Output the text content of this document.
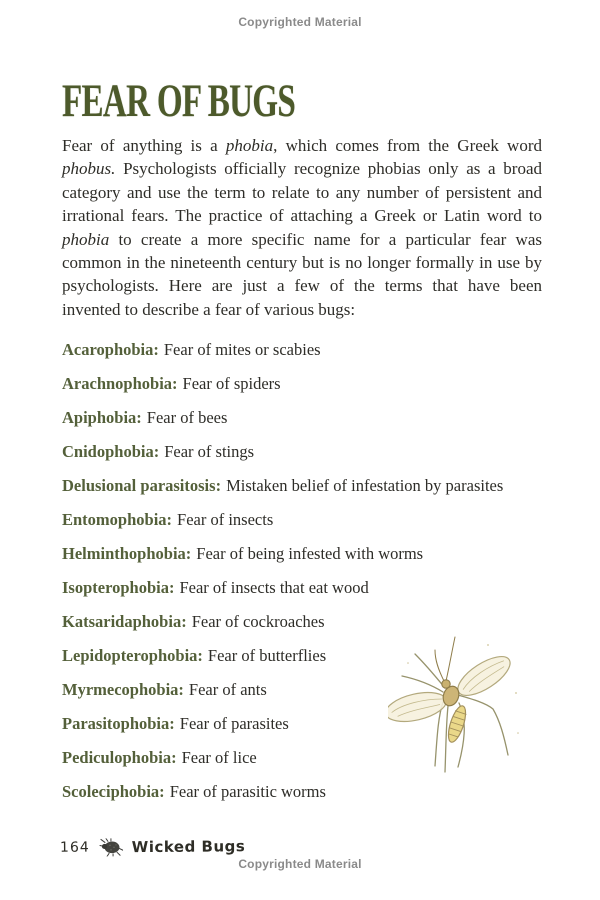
Copyrighted Material
FEAR OF BUGS

Fear of anything is a phobia, which comes from the Greek word phobus. Psychologists officially recognize phobias only as a broad category and use the term to relate to any number of persistent and irrational fears. The practice of attaching a Greek or Latin word to phobia to create a more specific name for a particular fear was common in the nineteenth century but is no longer formally in use by psychologists. Here are just a few of the terms that have been invented to describe a fear of various bugs:

Acarophobia: Fear of mites or scabies
Arachnophobia: Fear of spiders
Apiphobia: Fear of bees
Cnidophobia: Fear of stings
Delusional parasitosis: Mistaken belief of infestation by parasites
Entomophobia: Fear of insects
Helminthophobia: Fear of being infested with worms
Isopterophobia: Fear of insects that eat wood
Katsaridaphobia: Fear of cockroaches
Lepidopterophobia: Fear of butterflies
Myrmecophobia: Fear of ants
Parasitophobia: Fear of parasites
Pediculophobia: Fear of lice
Scoleciphobia: Fear of parasitic worms
164	Wicked Bugs
Copyrighted Material
